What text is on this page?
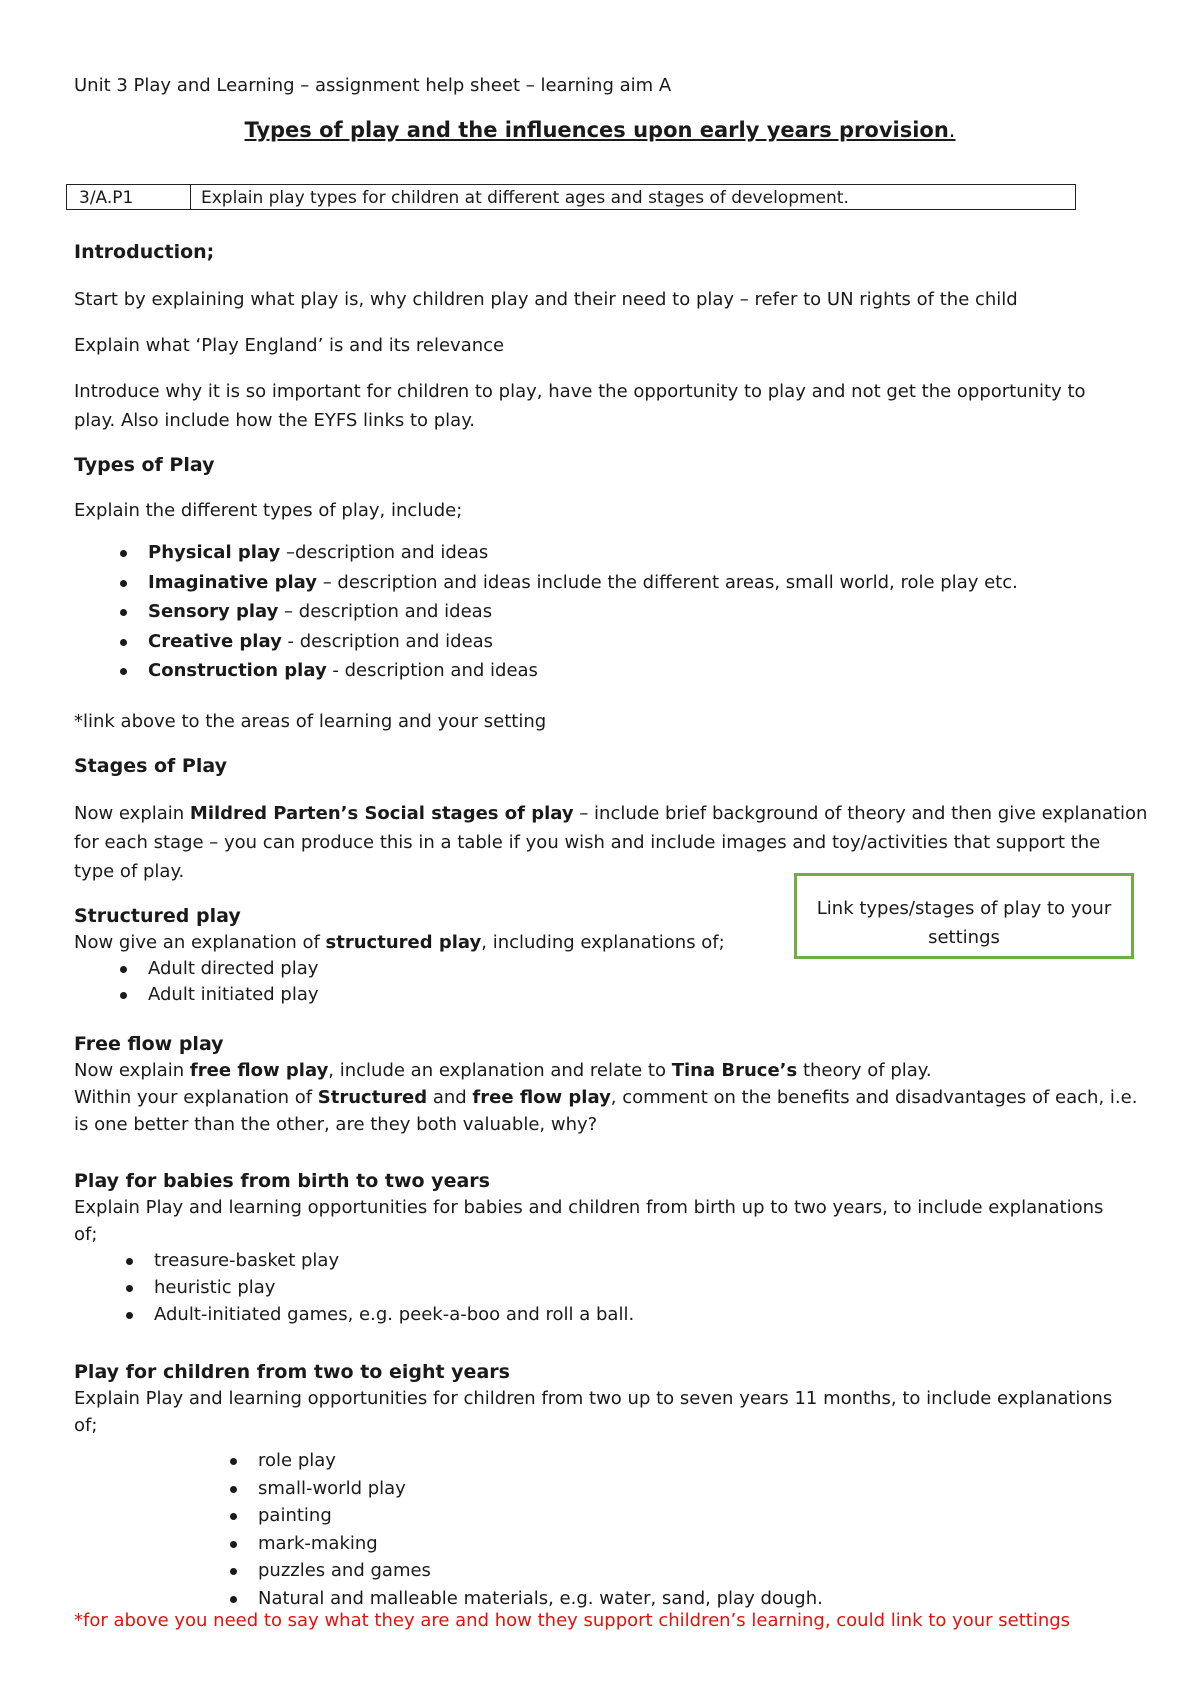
Unit 3 Play and Learning – assignment help sheet – learning aim A
Types of play and the influences upon early years provision.
3/A.P1	Explain play types for children at different ages and stages of development.
Introduction;
Start by explaining what play is, why children play and their need to play – refer to UN rights of the child
Explain what ‘Play England’ is and its relevance
Introduce why it is so important for children to play, have the opportunity to play and not get the opportunity to
play. Also include how the EYFS links to play.
Types of Play
Explain the different types of play, include;
Physical play –description and ideas
Imaginative play – description and ideas include the different areas, small world, role play etc.
Sensory play – description and ideas
Creative play - description and ideas
Construction play - description and ideas
*link above to the areas of learning and your setting
Stages of Play
Now explain Mildred Parten’s Social stages of play – include brief background of theory and then give explanation
for each stage – you can produce this in a table if you wish and include images and toy/activities that support the
type of play.
Link types/stages of play to your
settings
Structured play
Now give an explanation of structured play, including explanations of;
Adult directed play
Adult initiated play
Free flow play
Now explain free flow play, include an explanation and relate to Tina Bruce’s theory of play.
Within your explanation of Structured and free flow play, comment on the benefits and disadvantages of each, i.e.
is one better than the other, are they both valuable, why?
Play for babies from birth to two years
Explain Play and learning opportunities for babies and children from birth up to two years, to include explanations
of;
treasure-basket play
heuristic play
Adult-initiated games, e.g. peek-a-boo and roll a ball.
Play for children from two to eight years
Explain Play and learning opportunities for children from two up to seven years 11 months, to include explanations
of;
role play
small-world play
painting
mark-making
puzzles and games
Natural and malleable materials, e.g. water, sand, play dough.
*for above you need to say what they are and how they support children’s learning, could link to your settings
